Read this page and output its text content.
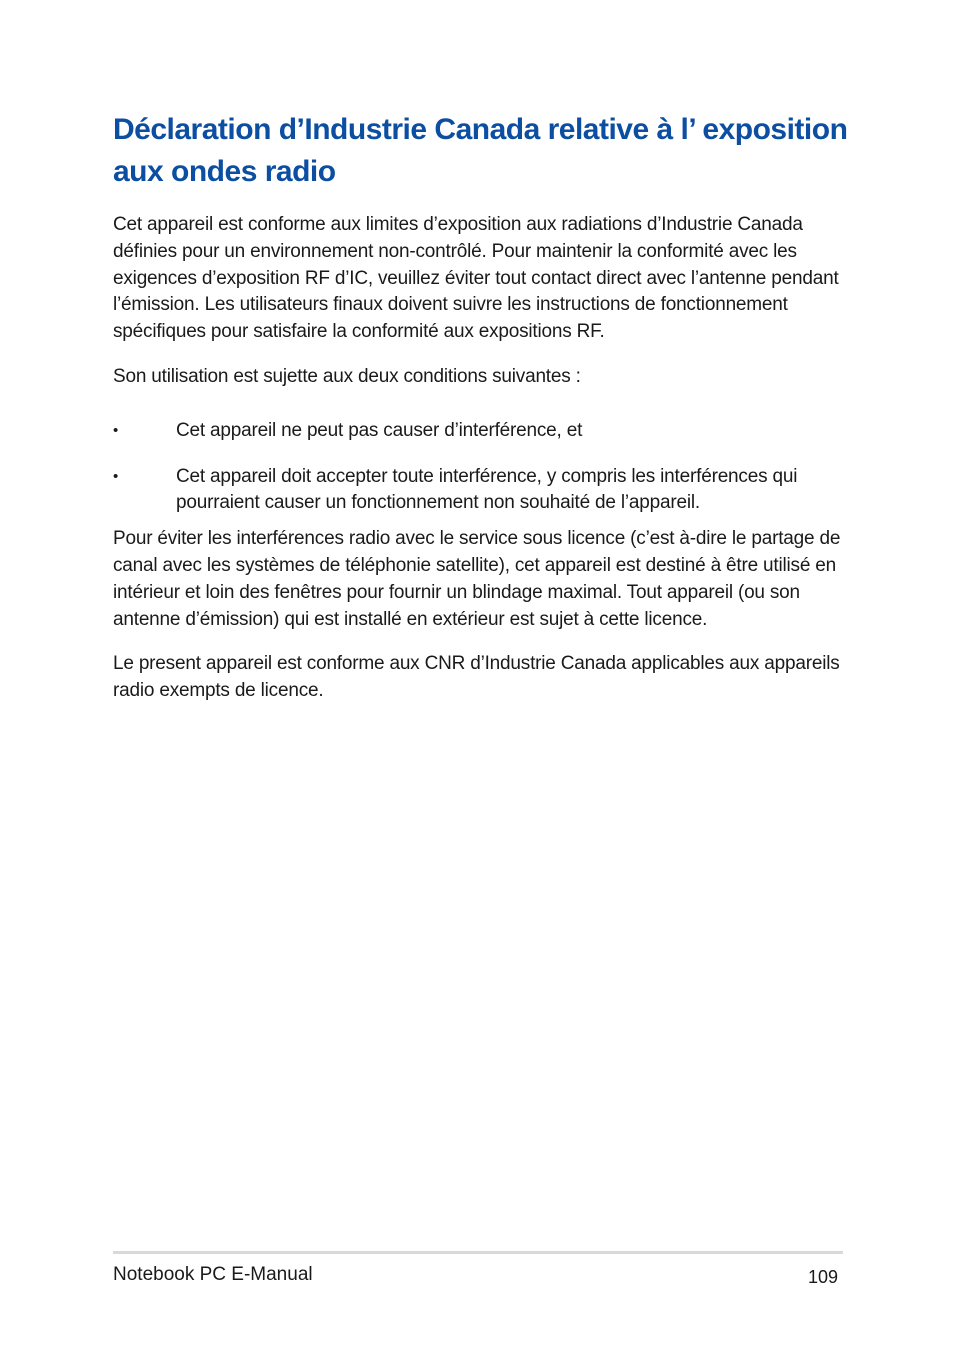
Déclaration d’Industrie Canada relative à l’ exposition aux ondes radio

Cet appareil est conforme aux limites d’exposition aux radiations d’Industrie Canada définies pour un environnement non-contrôlé. Pour maintenir la conformité avec les exigences d’exposition RF d’IC, veuillez éviter tout contact direct avec l’antenne pendant l’émission. Les utilisateurs finaux doivent suivre les instructions de fonctionnement spécifiques pour satisfaire la conformité aux expositions RF.

Son utilisation est sujette aux deux conditions suivantes :

•	Cet appareil ne peut pas causer d’interférence, et
•	Cet appareil doit accepter toute interférence, y compris les interférences qui pourraient causer un fonctionnement non souhaité de l’appareil.

Pour éviter les interférences radio avec le service sous licence (c’est à-dire le partage de canal avec les systèmes de téléphonie satellite), cet appareil est destiné à être utilisé en intérieur et loin des fenêtres pour fournir un blindage maximal. Tout appareil (ou son antenne d’émission) qui est installé en extérieur est sujet à cette licence.

Le present appareil est conforme aux CNR d’Industrie Canada applicables aux appareils radio exempts de licence.

Notebook PC E-Manual	109
